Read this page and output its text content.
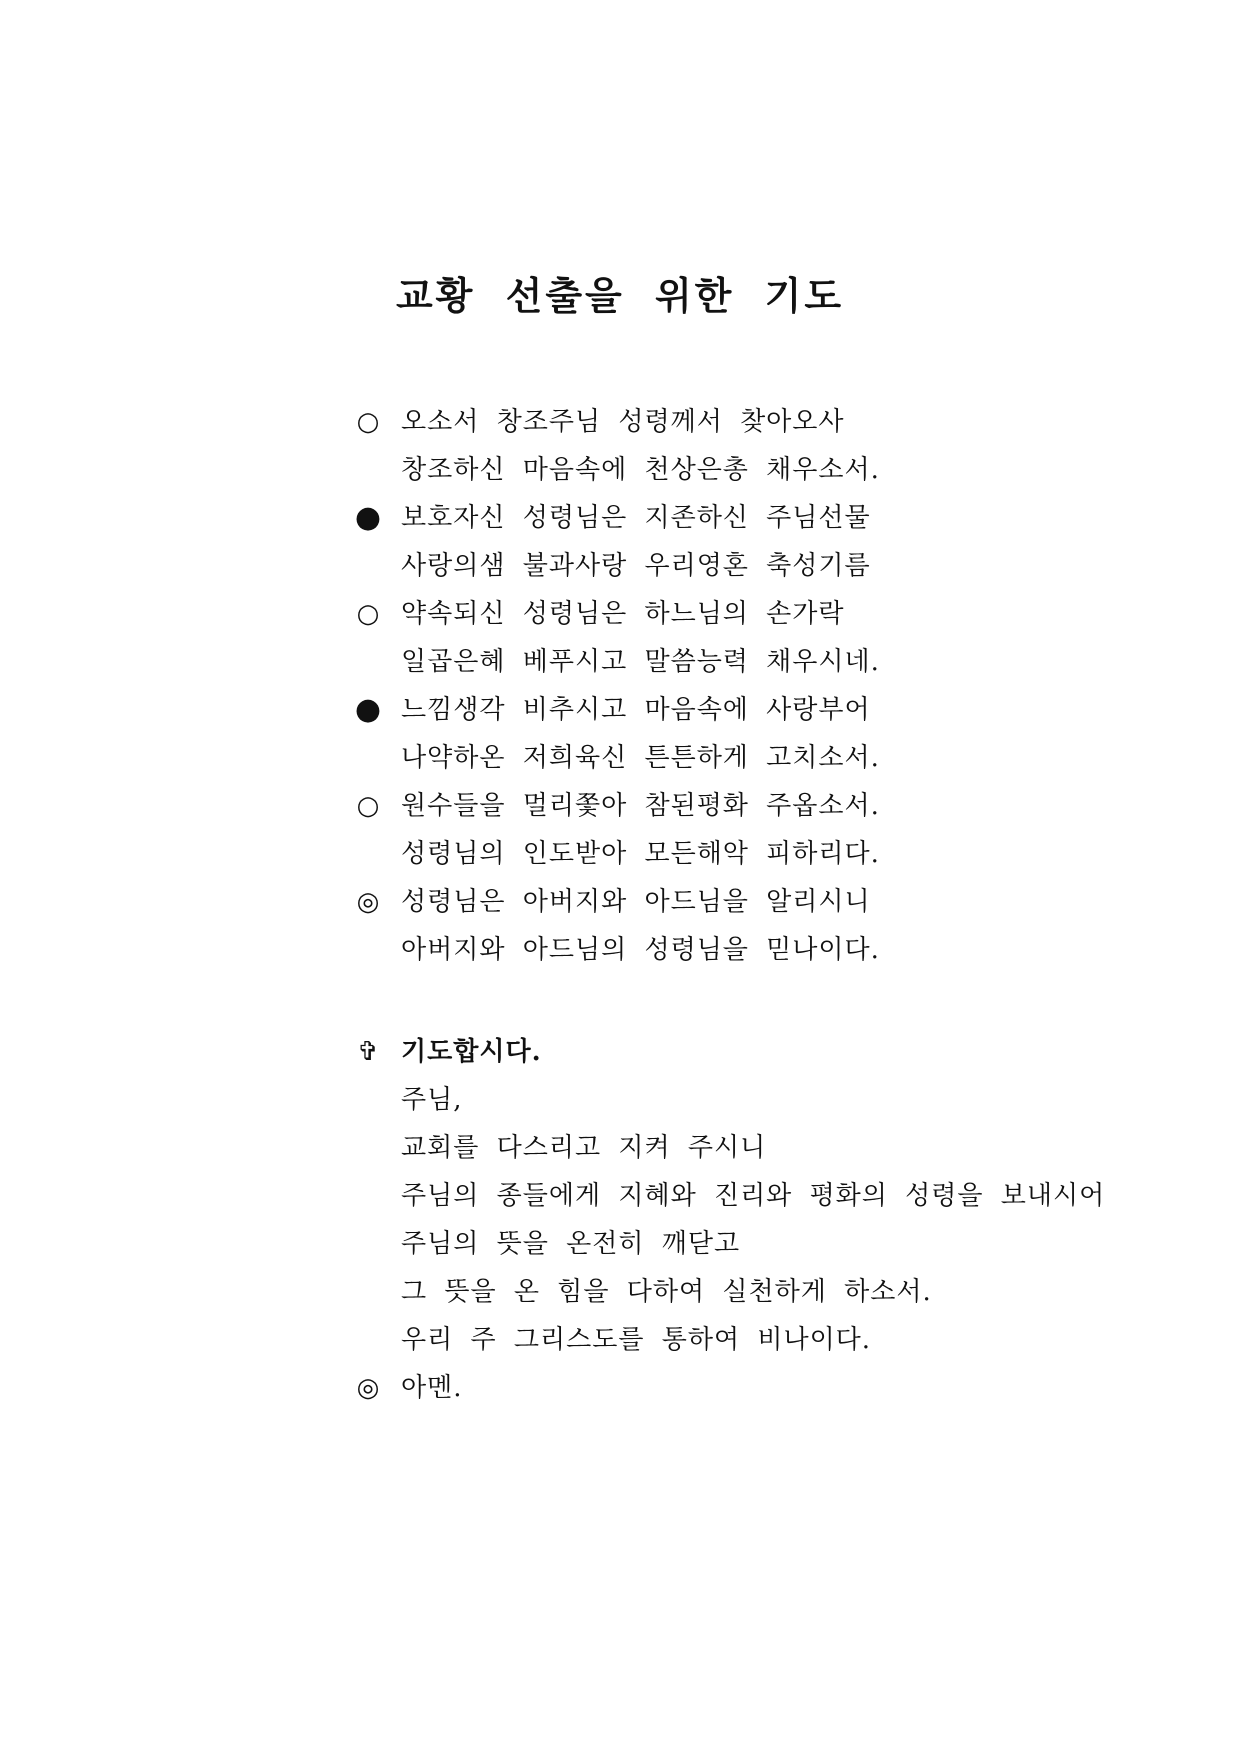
교황 선출을 위한 기도
○ 오소서 창조주님 성령께서 찾아오사
창조하신 마음속에 천상은총 채우소서.
● 보호자신 성령님은 지존하신 주님선물
사랑의샘 불과사랑 우리영혼 축성기름
○ 약속되신 성령님은 하느님의 손가락
일곱은혜 베푸시고 말씀능력 채우시네.
● 느낌생각 비추시고 마음속에 사랑부어
나약하온 저희육신 튼튼하게 고치소서.
○ 원수들을 멀리쫓아 참된평화 주옵소서.
성령님의 인도받아 모든해악 피하리다.
◎ 성령님은 아버지와 아드님을 알리시니
아버지와 아드님의 성령님을 믿나이다.
✞ 기도합시다.
주님,
교회를 다스리고 지켜 주시니
주님의 종들에게 지혜와 진리와 평화의 성령을 보내시어
주님의 뜻을 온전히 깨닫고
그 뜻을 온 힘을 다하여 실천하게 하소서.
우리 주 그리스도를 통하여 비나이다.
◎ 아멘.
